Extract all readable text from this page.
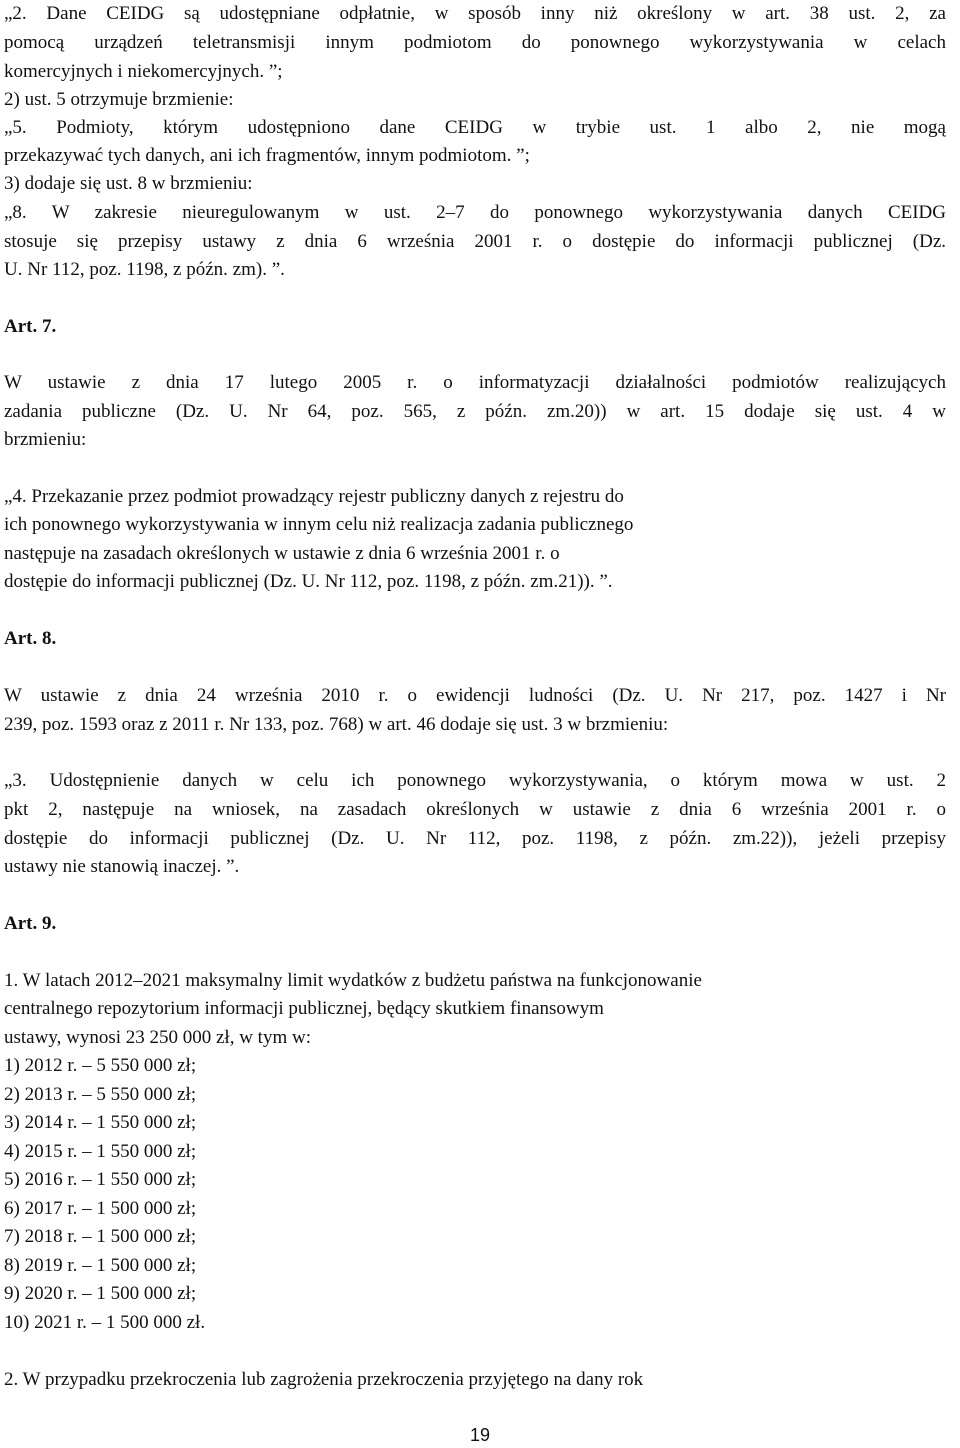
„2. Dane CEIDG są udostępniane odpłatnie, w sposób inny niż określony w art. 38 ust. 2, za

pomocą urządzeń teletransmisji innym podmiotom do ponownego wykorzystywania w celach

komercyjnych i niekomercyjnych. ”;

2) ust. 5 otrzymuje brzmienie:

„5. Podmioty, którym udostępniono dane CEIDG w trybie ust. 1 albo 2, nie mogą

przekazywać tych danych, ani ich fragmentów, innym podmiotom. ”;

3) dodaje się ust. 8 w brzmieniu:

„8. W zakresie nieuregulowanym w ust. 2–7 do ponownego wykorzystywania danych CEIDG

stosuje się przepisy ustawy z dnia 6 września 2001 r. o dostępie do informacji publicznej (Dz.

U. Nr 112, poz. 1198, z późn. zm). ”.

Art. 7.

W ustawie z dnia 17 lutego 2005 r. o informatyzacji działalności podmiotów realizujących

zadania publiczne (Dz. U. Nr 64, poz. 565, z późn. zm.20)) w art. 15 dodaje się ust. 4 w

brzmieniu:

„4. Przekazanie przez podmiot prowadzący rejestr publiczny danych z rejestru do

ich ponownego wykorzystywania w innym celu niż realizacja zadania publicznego

następuje na zasadach określonych w ustawie z dnia 6 września 2001 r. o

dostępie do informacji publicznej (Dz. U. Nr 112, poz. 1198, z późn. zm.21)). ”.

Art. 8.

W ustawie z dnia 24 września 2010 r. o ewidencji ludności (Dz. U. Nr 217, poz. 1427 i Nr

239, poz. 1593 oraz z 2011 r. Nr 133, poz. 768) w art. 46 dodaje się ust. 3 w brzmieniu:

„3. Udostępnienie danych w celu ich ponownego wykorzystywania, o którym mowa w ust. 2

pkt 2, następuje na wniosek, na zasadach określonych w ustawie z dnia 6 września 2001 r. o

dostępie do informacji publicznej (Dz. U. Nr 112, poz. 1198, z późn. zm.22)), jeżeli przepisy

ustawy nie stanowią inaczej. ”.

Art. 9.

1. W latach 2012–2021 maksymalny limit wydatków z budżetu państwa na funkcjonowanie

centralnego repozytorium informacji publicznej, będący skutkiem finansowym

ustawy, wynosi 23 250 000 zł, w tym w:

1) 2012 r. – 5 550 000 zł;

2) 2013 r. – 5 550 000 zł;

3) 2014 r. – 1 550 000 zł;

4) 2015 r. – 1 550 000 zł;

5) 2016 r. – 1 550 000 zł;

6) 2017 r. – 1 500 000 zł;

7) 2018 r. – 1 500 000 zł;

8) 2019 r. – 1 500 000 zł;

9) 2020 r. – 1 500 000 zł;

10) 2021 r. – 1 500 000 zł.

2. W przypadku przekroczenia lub zagrożenia przekroczenia przyjętego na dany rok

19
